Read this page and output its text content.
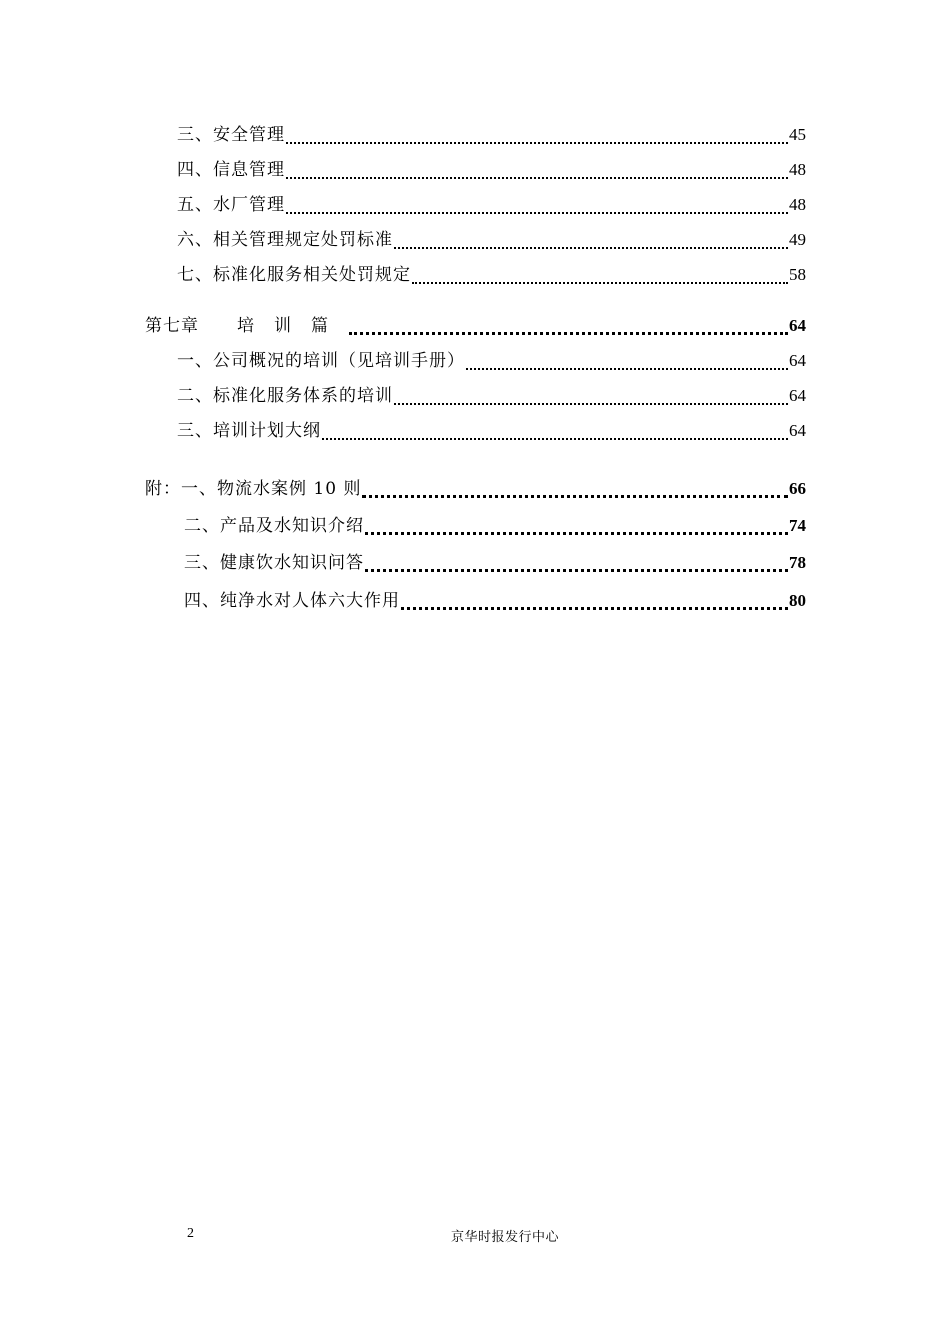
三、安全管理	45
四、信息管理	48
五、水厂管理	48
六、相关管理规定处罚标准	49
七、标准化服务相关处罚规定	58
第七章 培训篇	64
一、公司概况的培训（见培训手册）	64
二、标准化服务体系的培训	64
三、培训计划大纲	64
附：一、物流水案例 10 则	66
二、产品及水知识介绍	74
三、健康饮水知识问答	78
四、纯净水对人体六大作用	80
2	京华时报发行中心
